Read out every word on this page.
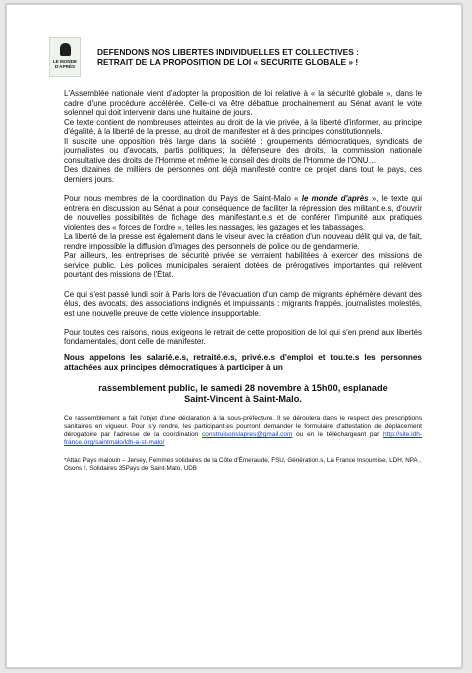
LE MONDE D'APRÈS
DEFENDONS NOS LIBERTES INDIVIDUELLES ET COLLECTIVES :
RETRAIT DE LA PROPOSITION DE LOI « SECURITE GLOBALE » !

L'Assemblée nationale vient d'adopter la proposition de loi relative à « la sécurité globale », dans le cadre d'une procédure accélérée. Celle-ci va être débattue prochainement au Sénat avant le vote solennel qui doit intervenir dans une huitaine de jours.

Ce texte contient de nombreuses atteintes au droit de la vie privée, à la liberté d'informer, au principe d'égalité, à la liberté de la presse, au droit de manifester et à des principes constitutionnels.

Il suscite une opposition très large dans la société : groupements démocratiques, syndicats de journalistes ou d'avocats, partis politiques, la défenseure des droits, la commission nationale consultative des droits de l'Homme et même le conseil des droits de l'Homme de l'ONU…

Des dizaines de milliers de personnes ont déjà manifesté contre ce projet dans tout le pays, ces derniers jours.

Pour nous membres de la coordination du Pays de Saint-Malo « le monde d'après », le texte qui entrera en discussion au Sénat a pour conséquence de faciliter la répression des militant.e.s, d'ouvrir de nouvelles possibilités de fichage des manifestant.e.s et de conférer l'impunité aux pratiques violentes des « forces de l'ordre », telles les nassages, les gazages et les tabassages.

La liberté de la presse est également dans le viseur avec la création d'un nouveau délit qui va, de fait, rendre impossible la diffusion d'images des personnels de police ou de gendarmerie.

Par ailleurs, les entreprises de sécurité privée se verraient habilitées à exercer des missions de service public. Les polices municipales seraient dotées de prérogatives importantes qui relèvent pourtant des missions de l'État.

Ce qui s'est passé lundi soir à Paris lors de l'évacuation d'un camp de migrants éphémère devant des élus, des avocats, des associations indignés et impuissants : migrants frappés, journalistes molestés, est une nouvelle preuve de cette violence insupportable.

Pour toutes ces raisons, nous exigeons le retrait de cette proposition de loi qui s'en prend aux libertés fondamentales, dont celle de manifester.

Nous appelons les salarié.e.s, retraité.e.s, privé.e.s d'emploi et tou.te.s les personnes attachées aux principes démocratiques à participer à un

rassemblement public, le samedi 28 novembre à 15h00, esplanade
Saint-Vincent à Saint-Malo.

Ce rassemblement a fait l'objet d'une déclaration à la sous-préfecture. Il se déroulera dans le respect des prescriptions sanitaires en vigueur. Pour s'y rendre, les participant.es pourront demander le formulaire d'attestation de déplacement dérogatoire par l'adresse de la coordination construisonslapres@gmail.com ou en le téléchargeant par http://site.ldh-france.org/saintmalo/ldh-a-st-malo/

*Attac Pays malouin – Jersey, Femmes solidaires de la Côte d'Émeraude, FSU, Génération.s, La France Insoumise, LDH, NPA , Osons !, Solidaires 35Pays de Saint-Malo, UDB
